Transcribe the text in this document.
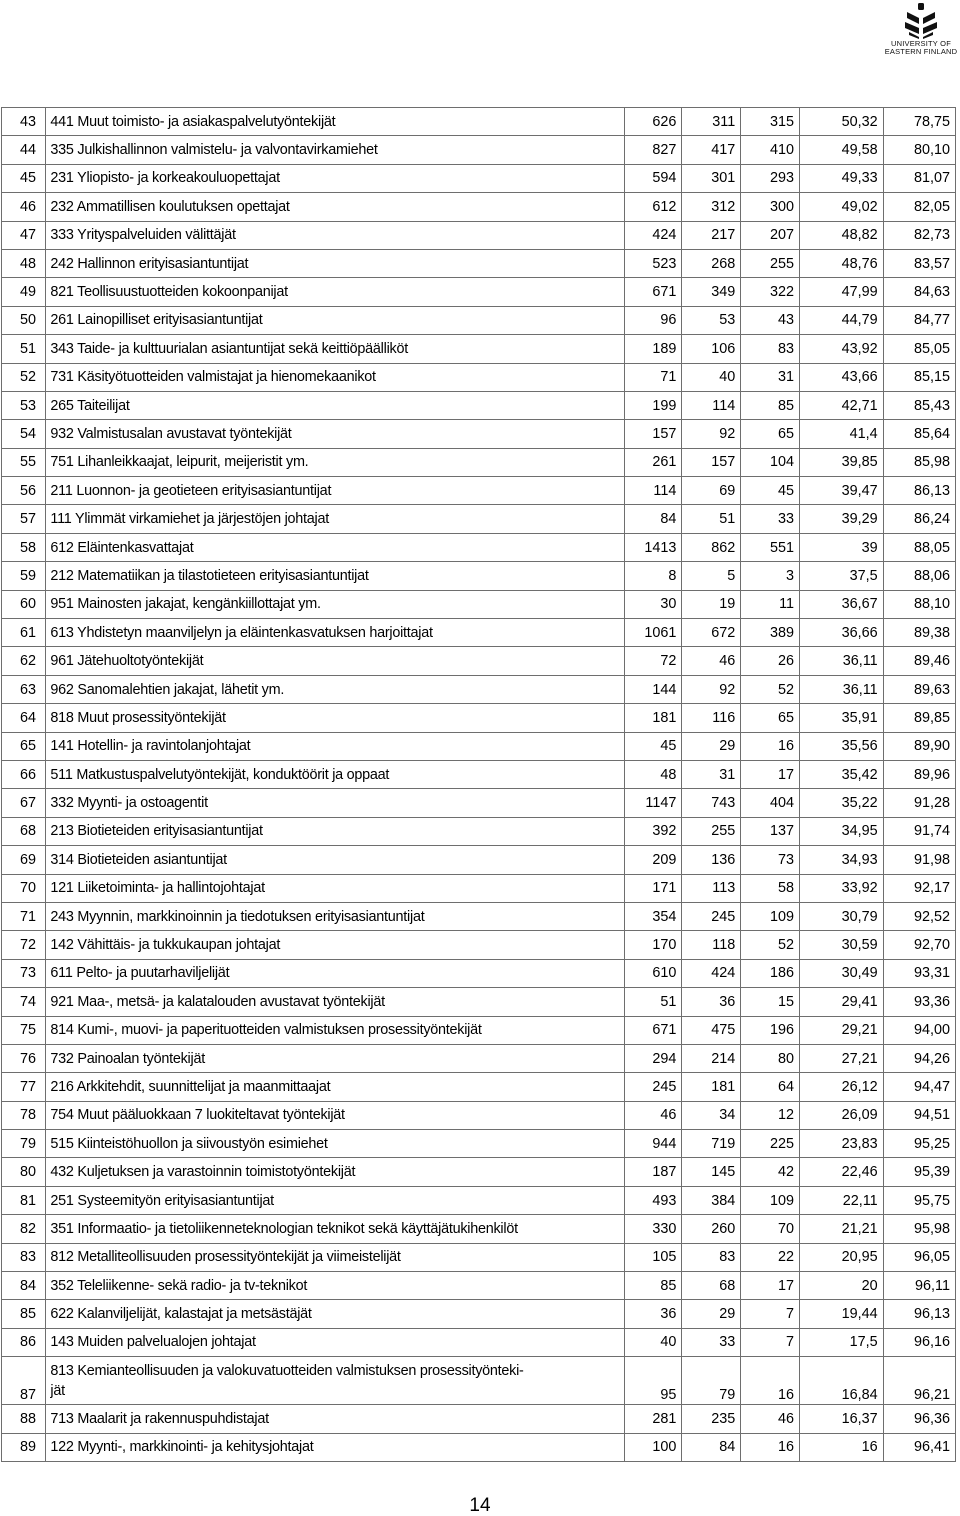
UNIVERSITY OF
EASTERN FINLAND
43	441 Muut toimisto- ja asiakaspalvelutyöntekijät	626	311	315	50,32	78,75
44	335 Julkishallinnon valmistelu- ja valvontavirkamiehet	827	417	410	49,58	80,10
45	231 Yliopisto- ja korkeakouluopettajat	594	301	293	49,33	81,07
46	232 Ammatillisen koulutuksen opettajat	612	312	300	49,02	82,05
47	333 Yrityspalveluiden välittäjät	424	217	207	48,82	82,73
48	242 Hallinnon erityisasiantuntijat	523	268	255	48,76	83,57
49	821 Teollisuustuotteiden kokoonpanijat	671	349	322	47,99	84,63
50	261 Lainopilliset erityisasiantuntijat	96	53	43	44,79	84,77
51	343 Taide- ja kulttuurialan asiantuntijat sekä keittiöpäälliköt	189	106	83	43,92	85,05
52	731 Käsityötuotteiden valmistajat ja hienomekaanikot	71	40	31	43,66	85,15
53	265 Taiteilijat	199	114	85	42,71	85,43
54	932 Valmistusalan avustavat työntekijät	157	92	65	41,4	85,64
55	751 Lihanleikkaajat, leipurit, meijeristit ym.	261	157	104	39,85	85,98
56	211 Luonnon- ja geotieteen erityisasiantuntijat	114	69	45	39,47	86,13
57	111 Ylimmät virkamiehet ja järjestöjen johtajat	84	51	33	39,29	86,24
58	612 Eläintenkasvattajat	1413	862	551	39	88,05
59	212 Matematiikan ja tilastotieteen erityisasiantuntijat	8	5	3	37,5	88,06
60	951 Mainosten jakajat, kengänkiillottajat ym.	30	19	11	36,67	88,10
61	613 Yhdistetyn maanviljelyn ja eläintenkasvatuksen harjoittajat	1061	672	389	36,66	89,38
62	961 Jätehuoltotyöntekijät	72	46	26	36,11	89,46
63	962 Sanomalehtien jakajat, lähetit ym.	144	92	52	36,11	89,63
64	818 Muut prosessityöntekijät	181	116	65	35,91	89,85
65	141 Hotellin- ja ravintolanjohtajat	45	29	16	35,56	89,90
66	511 Matkustuspalvelutyöntekijät, konduktöörit ja oppaat	48	31	17	35,42	89,96
67	332 Myynti- ja ostoagentit	1147	743	404	35,22	91,28
68	213 Biotieteiden erityisasiantuntijat	392	255	137	34,95	91,74
69	314 Biotieteiden asiantuntijat	209	136	73	34,93	91,98
70	121 Liiketoiminta- ja hallintojohtajat	171	113	58	33,92	92,17
71	243 Myynnin, markkinoinnin ja tiedotuksen erityisasiantuntijat	354	245	109	30,79	92,52
72	142 Vähittäis- ja tukkukaupan johtajat	170	118	52	30,59	92,70
73	611 Pelto- ja puutarhaviljelijät	610	424	186	30,49	93,31
74	921 Maa-, metsä- ja kalatalouden avustavat työntekijät	51	36	15	29,41	93,36
75	814 Kumi-, muovi- ja paperituotteiden valmistuksen prosessityöntekijät	671	475	196	29,21	94,00
76	732 Painoalan työntekijät	294	214	80	27,21	94,26
77	216 Arkkitehdit, suunnittelijat ja maanmittaajat	245	181	64	26,12	94,47
78	754 Muut pääluokkaan 7 luokiteltavat työntekijät	46	34	12	26,09	94,51
79	515 Kiinteistöhuollon ja siivoustyön esimiehet	944	719	225	23,83	95,25
80	432 Kuljetuksen ja varastoinnin toimistotyöntekijät	187	145	42	22,46	95,39
81	251 Systeemityön erityisasiantuntijat	493	384	109	22,11	95,75
82	351 Informaatio- ja tietoliikenneteknologian teknikot sekä käyttäjätukihenkilöt	330	260	70	21,21	95,98
83	812 Metalliteollisuuden prosessityöntekijät ja viimeistelijät	105	83	22	20,95	96,05
84	352 Teleliikenne- sekä radio- ja tv-teknikot	85	68	17	20	96,11
85	622 Kalanviljelijät, kalastajat ja metsästäjät	36	29	7	19,44	96,13
86	143 Muiden palvelualojen johtajat	40	33	7	17,5	96,16
87	813 Kemianteollisuuden ja valokuvatuotteiden valmistuksen prosessityönteki-
jät	95	79	16	16,84	96,21
88	713 Maalarit ja rakennuspuhdistajat	281	235	46	16,37	96,36
89	122 Myynti-, markkinointi- ja kehitysjohtajat	100	84	16	16	96,41
14
